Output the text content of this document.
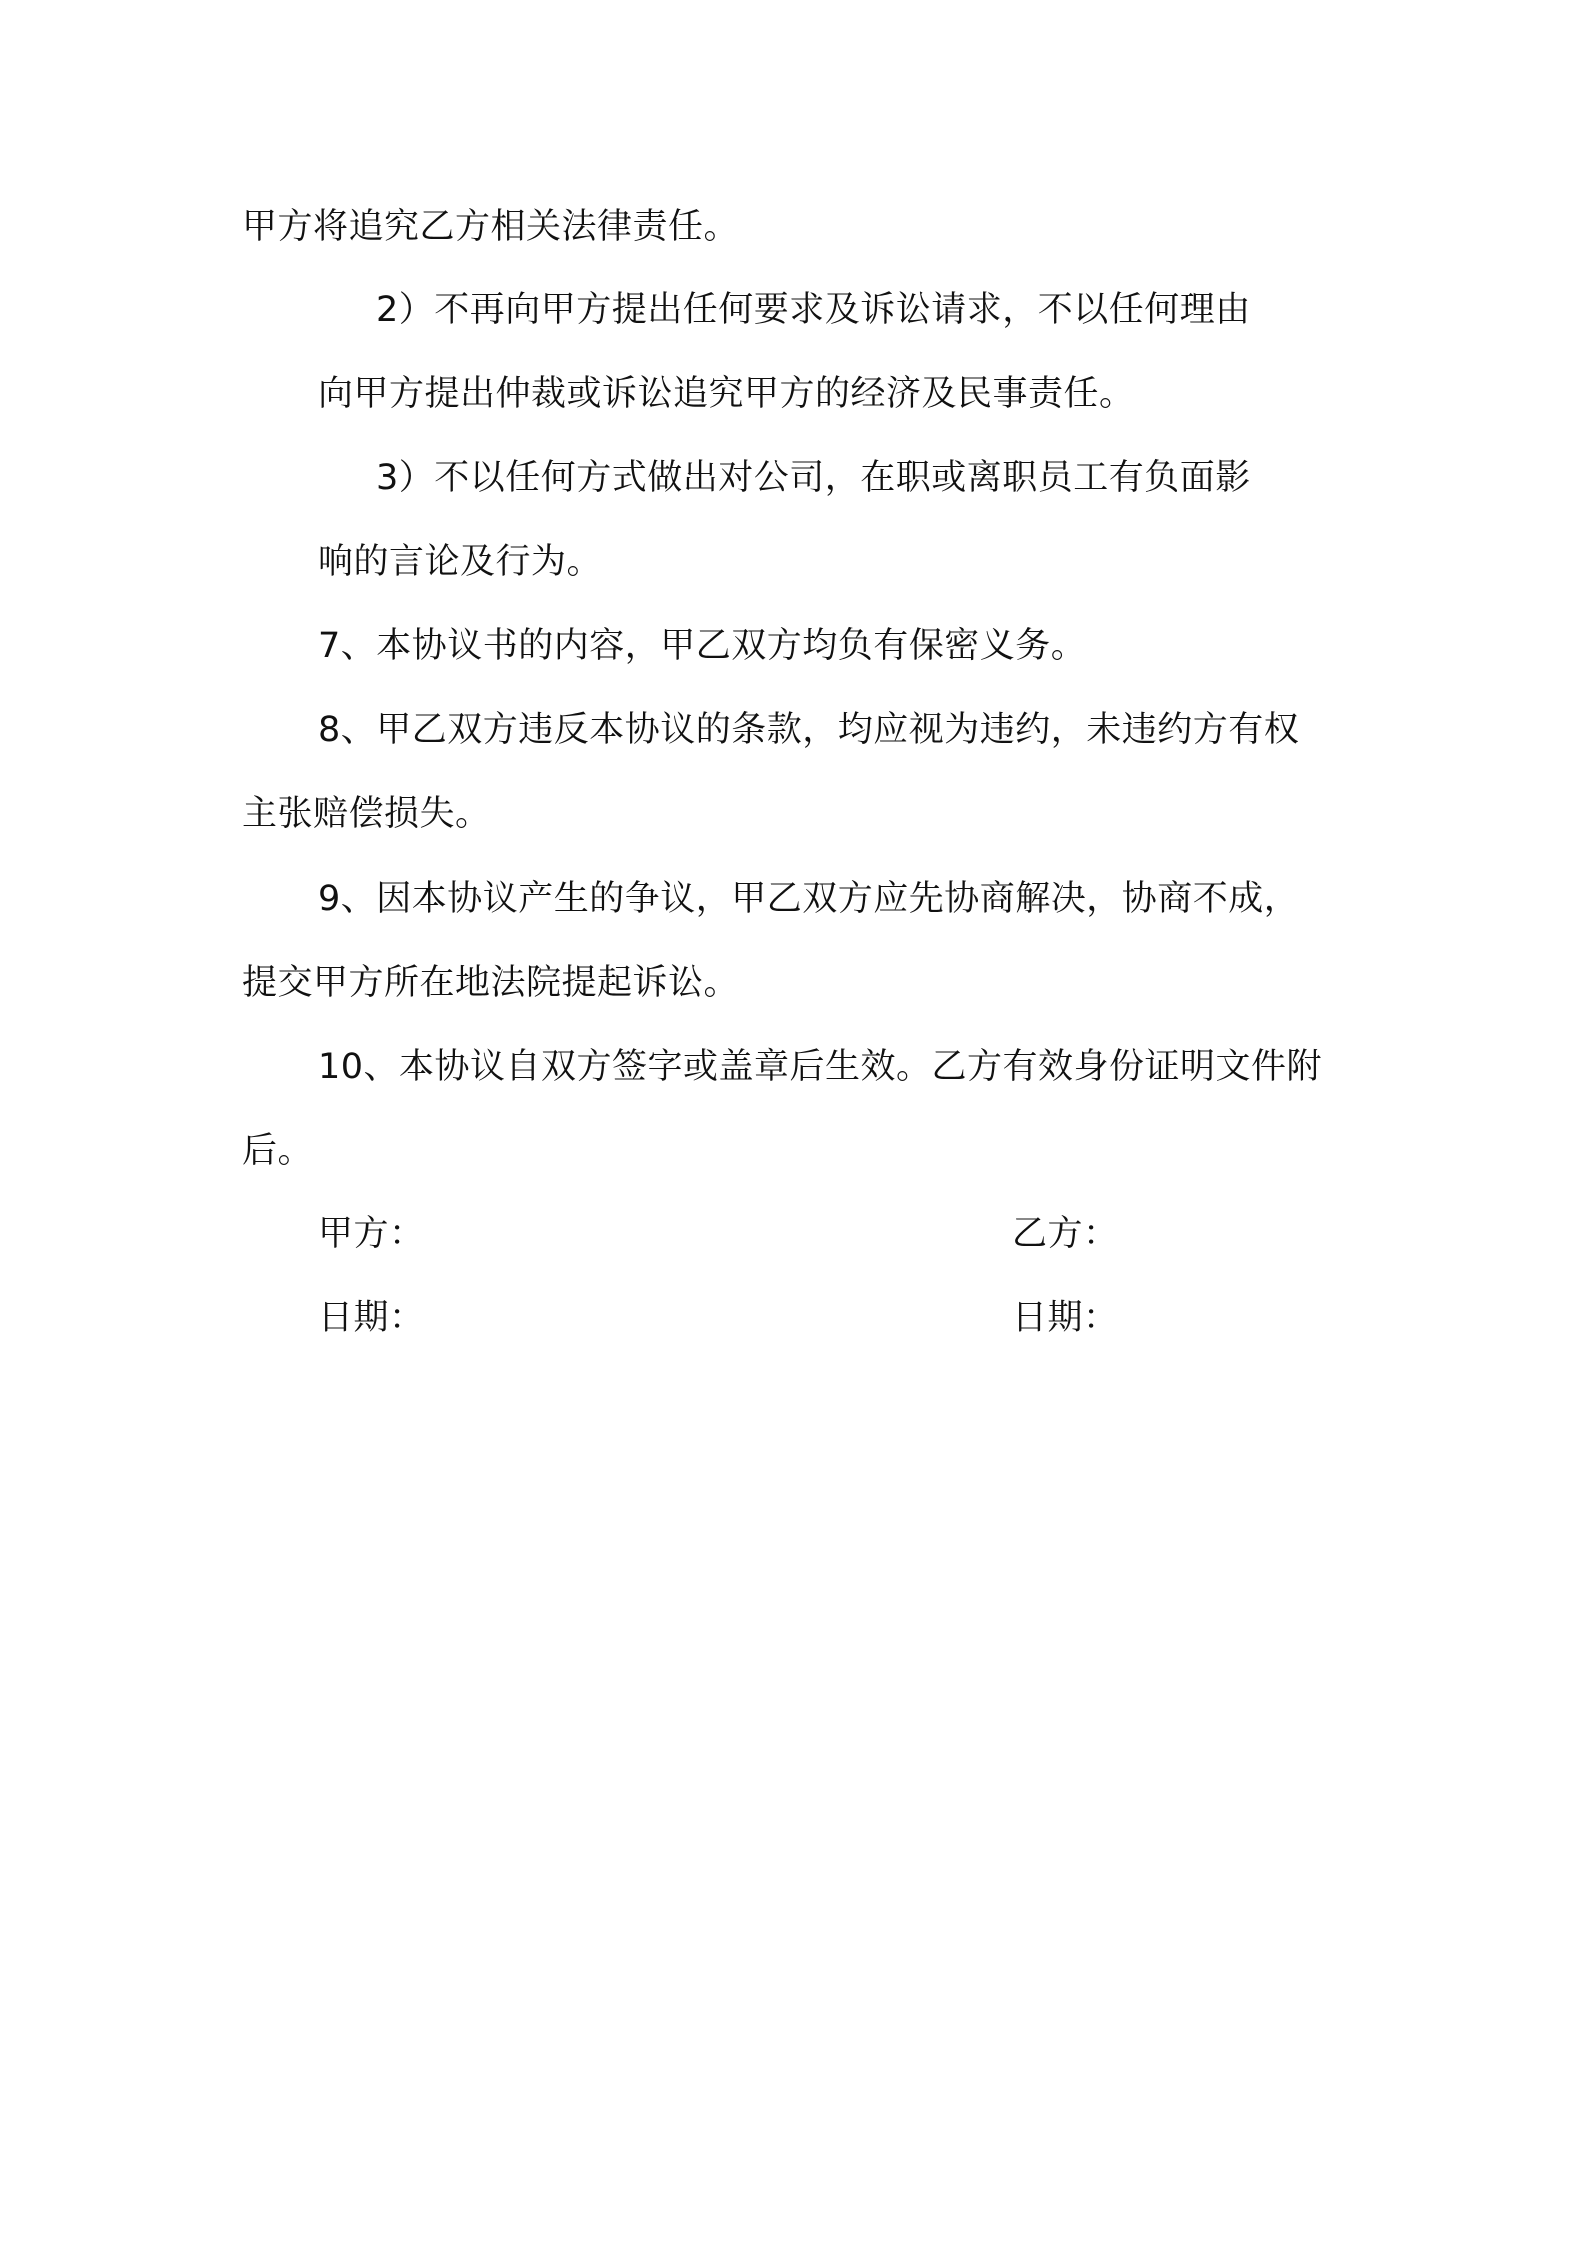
甲方将追究乙方相关法律责任。
2）不再向甲方提出任何要求及诉讼请求，不以任何理由
向甲方提出仲裁或诉讼追究甲方的经济及民事责任。
3）不以任何方式做出对公司，在职或离职员工有负面影
响的言论及行为。
7、本协议书的内容，甲乙双方均负有保密义务。
8、甲乙双方违反本协议的条款，均应视为违约，未违约方有权
主张赔偿损失。
9、因本协议产生的争议，甲乙双方应先协商解决，协商不成，
提交甲方所在地法院提起诉讼。
10、本协议自双方签字或盖章后生效。乙方有效身份证明文件附
后。
甲方：	乙方：
日期：	日期：
